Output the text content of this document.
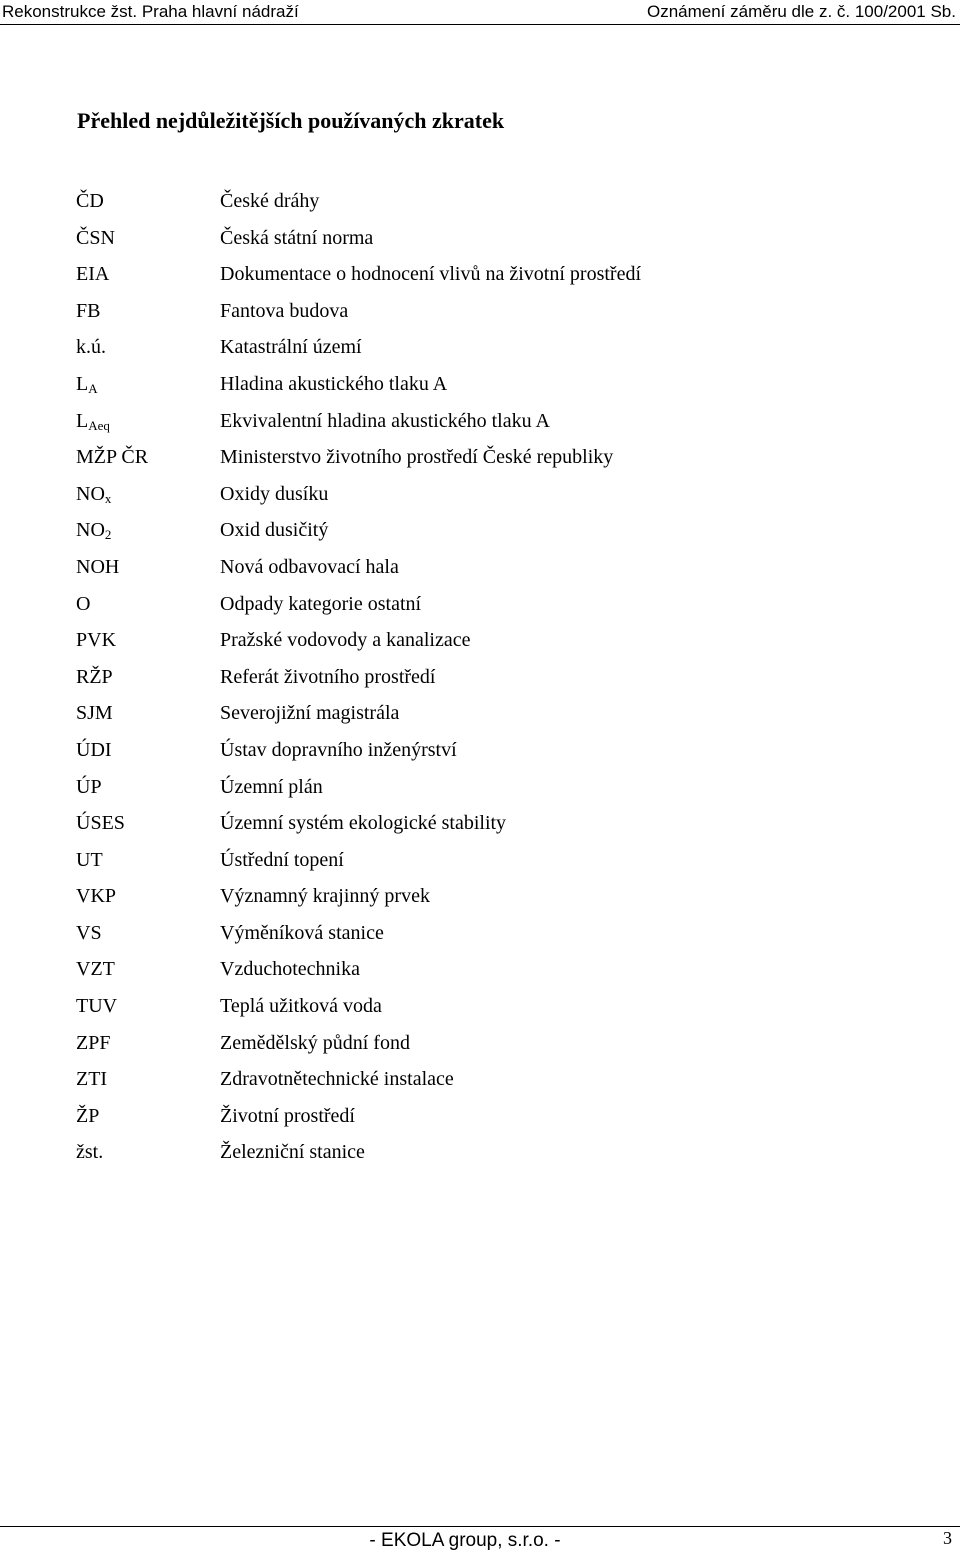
Rekonstrukce žst. Praha hlavní nádraží	Oznámení záměru dle z. č. 100/2001 Sb.
Přehled nejdůležitějších používaných zkratek
ČD	České dráhy
ČSN	Česká státní norma
EIA	Dokumentace o hodnocení vlivů na životní prostředí
FB	Fantova budova
k.ú.	Katastrální území
$L_A$	Hladina akustického tlaku A
$L_{Aeq}$	Ekvivalentní hladina akustického tlaku A
MŽP ČR	Ministerstvo životního prostředí České republiky
$NO_x$	Oxidy dusíku
$NO_2$	Oxid dusičitý
NOH	Nová odbavovací hala
O	Odpady kategorie ostatní
PVK	Pražské vodovody a kanalizace
RŽP	Referát životního prostředí
SJM	Severojižní magistrála
ÚDI	Ústav dopravního inženýrství
ÚP	Územní plán
ÚSES	Územní systém ekologické stability
UT	Ústřední topení
VKP	Významný krajinný prvek
VS	Výměníková stanice
VZT	Vzduchotechnika
TUV	Teplá užitková voda
ZPF	Zemědělský půdní fond
ZTI	Zdravotnětechnické instalace
ŽP	Životní prostředí
žst.	Železniční stanice
- EKOLA group, s.r.o. -	3
